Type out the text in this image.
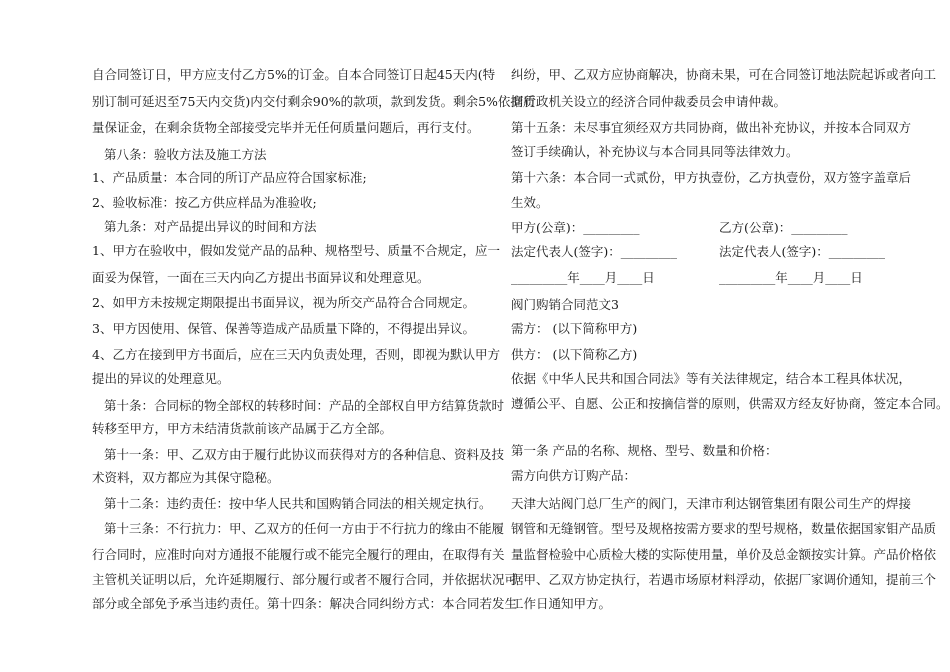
自合同签订日，甲方应支付乙方5%的订金。自本合同签订日起45天内(特
别订制可延迟至75天内交货)内交付剩余90%的款项，款到发货。剩余5%依据质
量保证金，在剩余货物全部接受完毕并无任何质量问题后，再行支付。
第八条：验收方法及施工方法
1、产品质量：本合同的所订产品应符合国家标准;
2、验收标准：按乙方供应样品为准验收;
第九条：对产品提出异议的时间和方法
1、甲方在验收中，假如发觉产品的品种、规格型号、质量不合规定，应一
面妥为保管，一面在三天内向乙方提出书面异议和处理意见。
2、如甲方未按规定期限提出书面异议，视为所交产品符合合同规定。
3、甲方因使用、保管、保善等造成产品质量下降的，不得提出异议。
4、乙方在接到甲方书面后，应在三天内负责处理，否则，即视为默认甲方
提出的异议的处理意见。
第十条：合同标的物全部权的转移时间：产品的全部权自甲方结算货款时
转移至甲方，甲方未结清货款前该产品属于乙方全部。
第十一条：甲、乙双方由于履行此协议而获得对方的各种信息、资料及技
术资料，双方都应为其保守隐秘。
第十二条：违约责任：按中华人民共和国购销合同法的相关规定执行。
第十三条：不行抗力：甲、乙双方的任何一方由于不行抗力的缘由不能履
行合同时，应准时向对方通报不能履行或不能完全履行的理由，在取得有关
主管机关证明以后，允许延期履行、部分履行或者不履行合同，并依据状况可
部分或全部免予承当违约责任。第十四条：解决合同纠纷方式：本合同若发生
纠纷，甲、乙双方应协商解决，协商未果，可在合同签订地法院起诉或者向工
商行政机关设立的经济合同仲裁委员会申请仲裁。
第十五条：未尽事宜须经双方共同协商，做出补充协议，并按本合同双方
签订手续确认，补充协议与本合同具同等法律效力。
第十六条：本合同一式贰份，甲方执壹份，乙方执壹份，双方签字盖章后
生效。
甲方(公章)：_________	乙方(公章)：_________
法定代表人(签字)：_________	法定代表人(签字)：_________
_________年____月____日	_________年____月____日
阀门购销合同范文3
需方： (以下简称甲方)
供方： (以下简称乙方)
依据《中华人民共和国合同法》等有关法律规定，结合本工程具体状况，
遵循公平、自愿、公正和按摘信誉的原则，供需双方经友好协商，签定本合同。
第一条 产品的名称、规格、型号、数量和价格：
需方向供方订购产品：
天津大站阀门总厂生产的阀门，天津市利达钢管集团有限公司生产的焊接
钢管和无缝钢管。型号及规格按需方要求的型号规格，数量依据国家钼产品质
量监督检验中心质检大楼的实际使用量，单价及总金额按实计算。产品价格依
据甲、乙双方协定执行，若遇市场原材料浮动，依据厂家调价通知，提前三个
工作日通知甲方。
